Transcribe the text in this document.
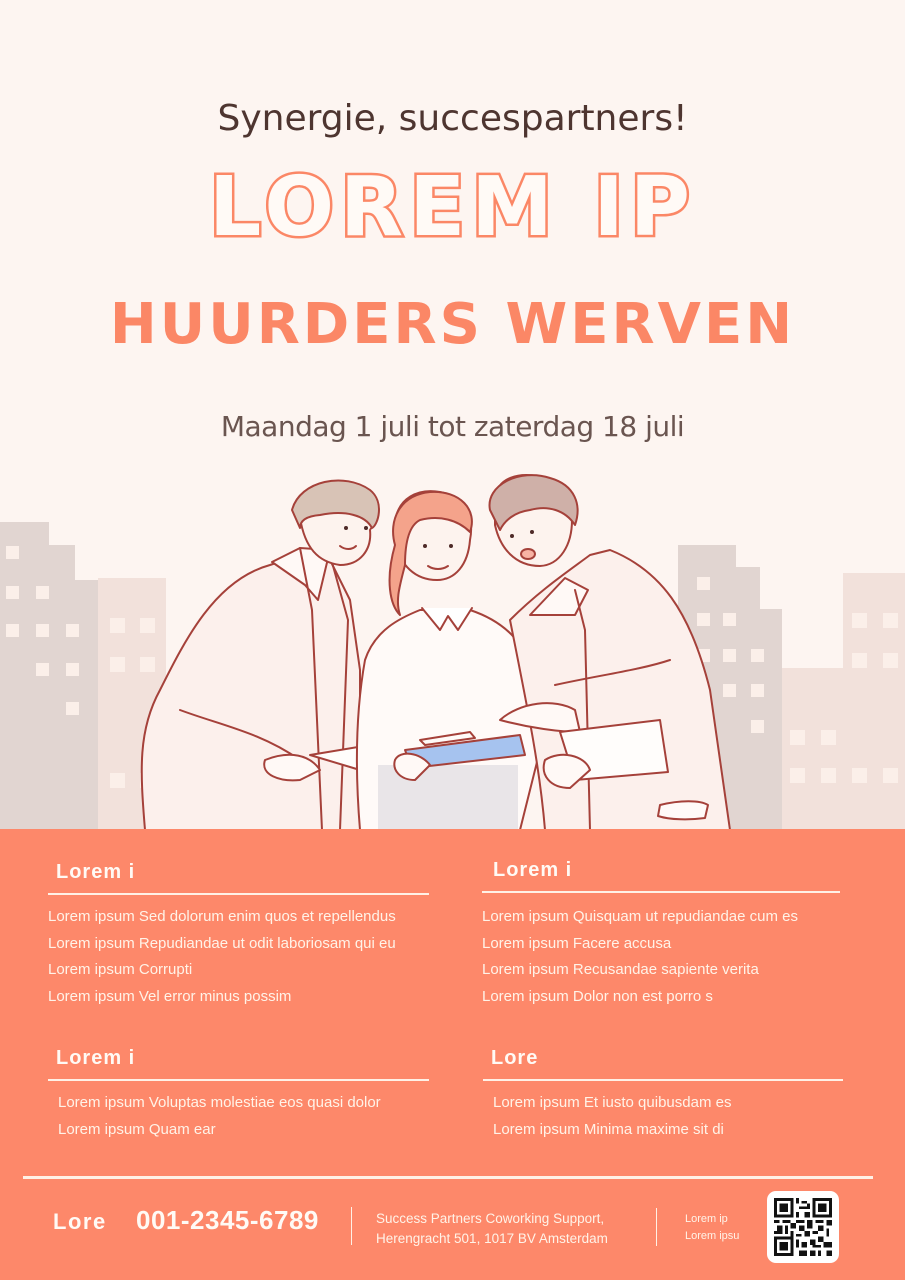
Synergie, succespartners!
LOREM IP
HUURDERS WERVEN
Maandag 1 juli tot zaterdag 18 juli
Lorem i
Lorem ipsum Sed dolorum enim quos et repellendus
Lorem ipsum Repudiandae ut odit laboriosam qui eu
Lorem ipsum Corrupti
Lorem ipsum Vel error minus possim
Lorem i
Lorem ipsum Quisquam ut repudiandae cum es
Lorem ipsum Facere accusa
Lorem ipsum Recusandae sapiente verita
Lorem ipsum Dolor non est porro s
Lorem i
Lorem ipsum Voluptas molestiae eos quasi dolor
Lorem ipsum Quam ear
Lore
Lorem ipsum Et iusto quibusdam es
Lorem ipsum Minima maxime sit di
Lore 001-2345-6789	Success Partners Coworking Support,
Herengracht 501, 1017 BV Amsterdam
Lorem ip
Lorem ipsu
